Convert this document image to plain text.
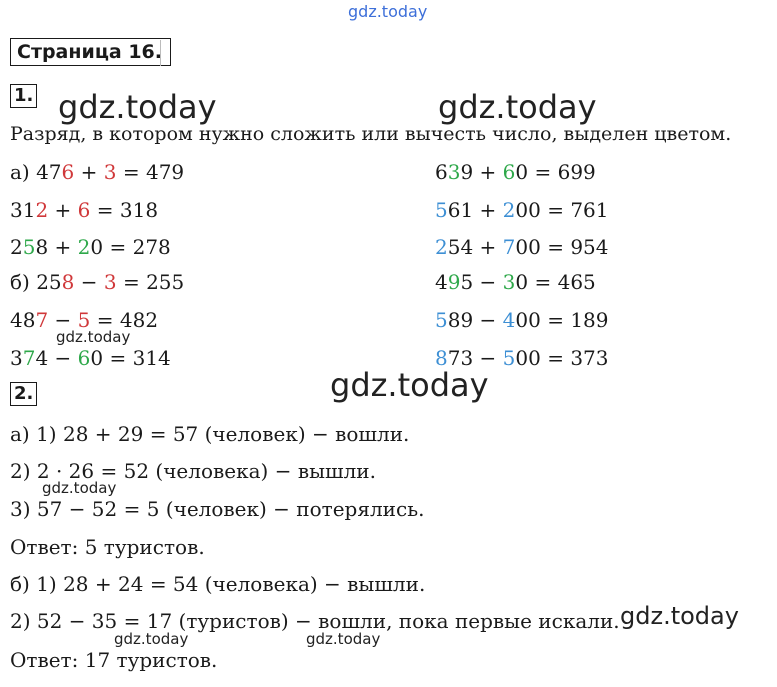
gdz.today
gdz.today	gdz.today
gdz.today
gdz.today
gdz.today
gdz.today	gdz.today
gdz.today
Страница 16.
1.
Разряд, в котором нужно сложить или вычесть число, выделен цветом.
а) 476 + 3 = 479
312 + 6 = 318
258 + 20 = 278
б) 258 − 3 = 255
487 − 5 = 482
374 − 60 = 314
639 + 60 = 699
561 + 200 = 761
254 + 700 = 954
495 − 30 = 465
589 − 400 = 189
873 − 500 = 373
2.
а) 1) 28 + 29 = 57 (человек) − вошли.
2) 2 · 26 = 52 (человека) − вышли.
3) 57 − 52 = 5 (человек) − потерялись.
Ответ: 5 туристов.
б) 1) 28 + 24 = 54 (человека) − вышли.
2) 52 − 35 = 17 (туристов) − вошли, пока первые искали.
Ответ: 17 туристов.
